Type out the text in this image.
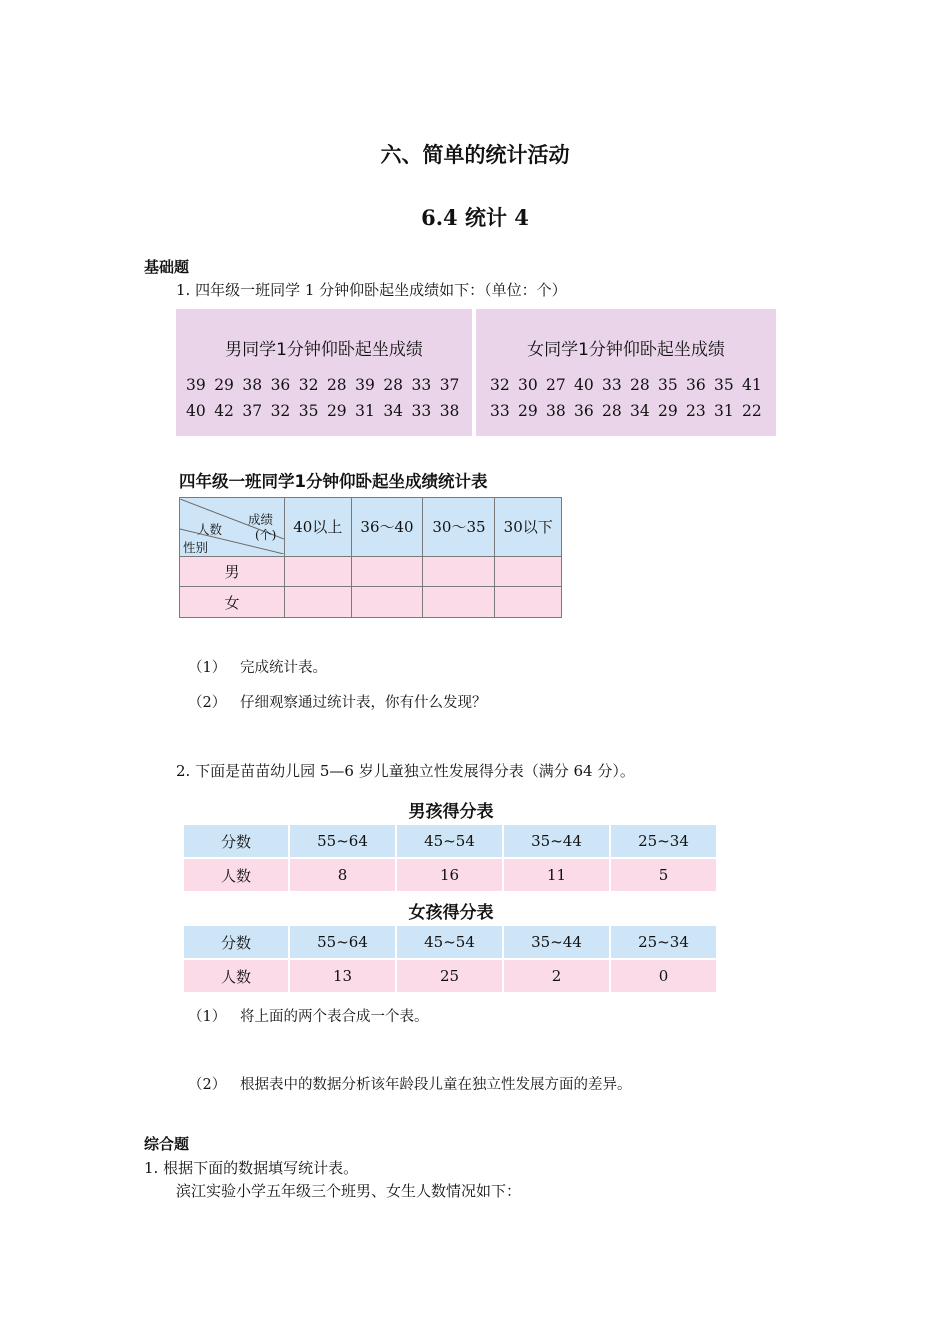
六、简单的统计活动
6.4 统计 4
基础题
1. 四年级一班同学 1 分钟仰卧起坐成绩如下：（单位：个）
男同学1分钟仰卧起坐成绩
39 29 38 36 32 28 39 28 33 37
40 42 37 32 35 29 31 34 33 38
女同学1分钟仰卧起坐成绩
32 30 27 40 33 28 35 36 35 41
33 29 38 36 28 34 29 23 31 22
四年级一班同学1分钟仰卧起坐成绩统计表
成绩
(个)
人数
性别	40以上	36～40	30～35	30以下
男				
女				
（1） 完成统计表。
（2） 仔细观察通过统计表，你有什么发现？
2. 下面是苗苗幼儿园 5—6 岁儿童独立性发展得分表（满分 64 分）。
男孩得分表
分数	55~64	45~54	35~44	25~34
人数	8	16	11	5
女孩得分表
分数	55~64	45~54	35~44	25~34
人数	13	25	2	0
（1） 将上面的两个表合成一个表。
（2） 根据表中的数据分析该年龄段儿童在独立性发展方面的差异。
综合题
1. 根据下面的数据填写统计表。
滨江实验小学五年级三个班男、女生人数情况如下：
